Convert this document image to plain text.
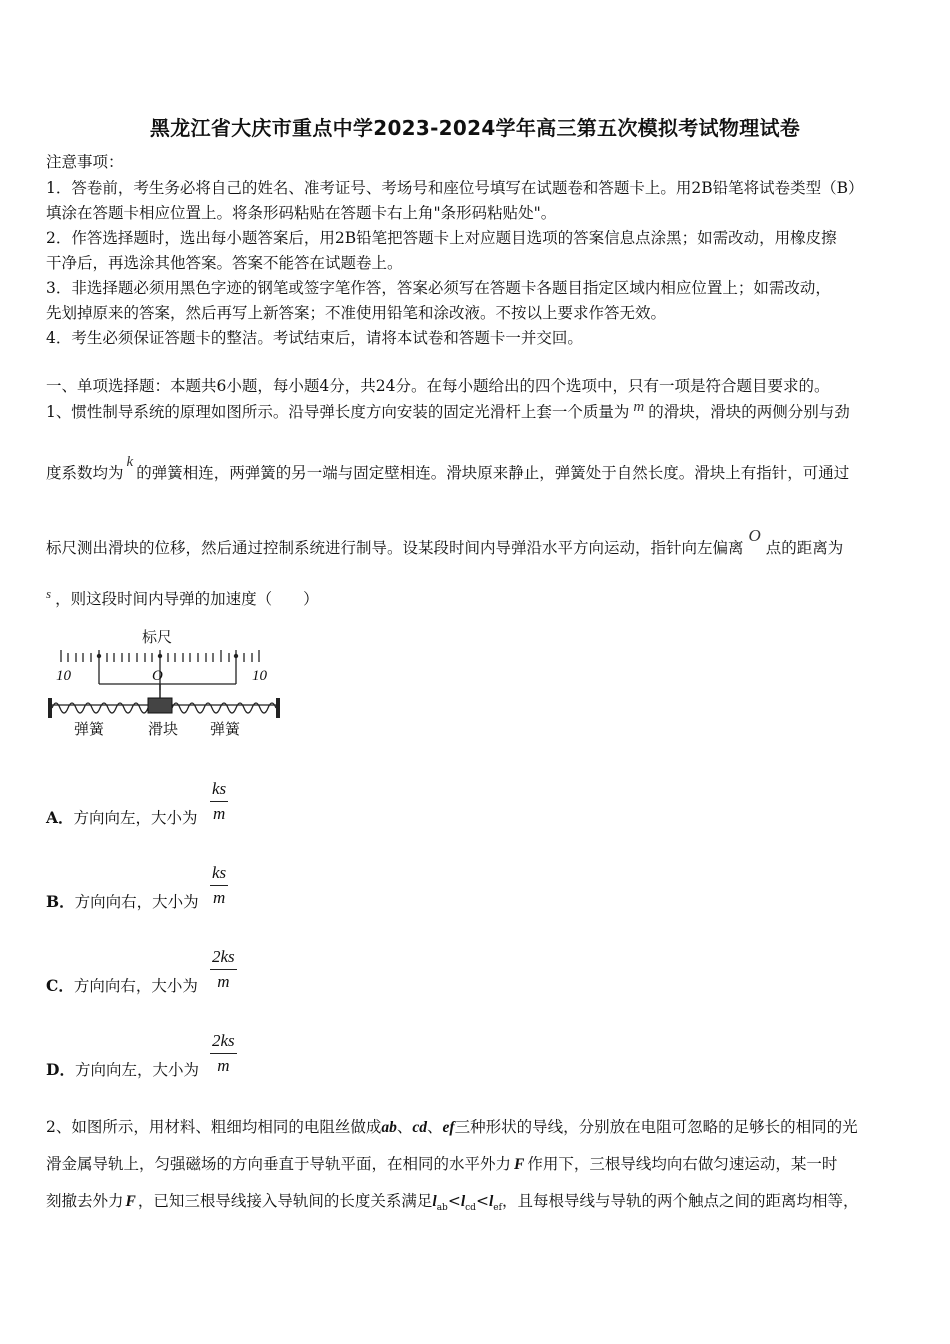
黑龙江省大庆市重点中学2023-2024学年高三第五次模拟考试物理试卷
注意事项：
1．答卷前，考生务必将自己的姓名、准考证号、考场号和座位号填写在试题卷和答题卡上。用2B铅笔将试卷类型（B）
填涂在答题卡相应位置上。将条形码粘贴在答题卡右上角"条形码粘贴处"。
2．作答选择题时，选出每小题答案后，用2B铅笔把答题卡上对应题目选项的答案信息点涂黑；如需改动，用橡皮擦
干净后，再选涂其他答案。答案不能答在试题卷上。
3．非选择题必须用黑色字迹的钢笔或签字笔作答，答案必须写在答题卡各题目指定区域内相应位置上；如需改动，
先划掉原来的答案，然后再写上新答案；不准使用铅笔和涂改液。不按以上要求作答无效。
4．考生必须保证答题卡的整洁。考试结束后，请将本试卷和答题卡一并交回。
一、单项选择题：本题共6小题，每小题4分，共24分。在每小题给出的四个选项中，只有一项是符合题目要求的。
1、惯性制导系统的原理如图所示。沿导弹长度方向安装的固定光滑杆上套一个质量为 m 的滑块，滑块的两侧分别与劲
度系数均为k的弹簧相连，两弹簧的另一端与固定壁相连。滑块原来静止，弹簧处于自然长度。滑块上有指针，可通过
标尺测出滑块的位移，然后通过控制系统进行制导。设某段时间内导弹沿水平方向运动，指针向左偏离O点的距离为
$^s$ ，则这段时间内导弹的加速度（　　）
标尺
10	O	10
弹簧	滑块 弹簧
A．方向向左，大小为 $\frac{ks}{m}$
B．方向向右，大小为 $\frac{ks}{m}$
C．方向向右，大小为 $\frac{2ks}{m}$
D．方向向左，大小为 $\frac{2ks}{m}$
2、如图所示，用材料、粗细均相同的电阻丝做成ab、cd、ef三种形状的导线，分别放在电阻可忽略的足够长的相同的光
滑金属导轨上，匀强磁场的方向垂直于导轨平面，在相同的水平外力 F 作用下，三根导线均向右做匀速运动，某一时
刻撤去外力 F ，已知三根导线接入导轨间的长度关系满足$l_{ab}<l_{cd}<l_{ef}$，且每根导线与导轨的两个触点之间的距离均相等，
